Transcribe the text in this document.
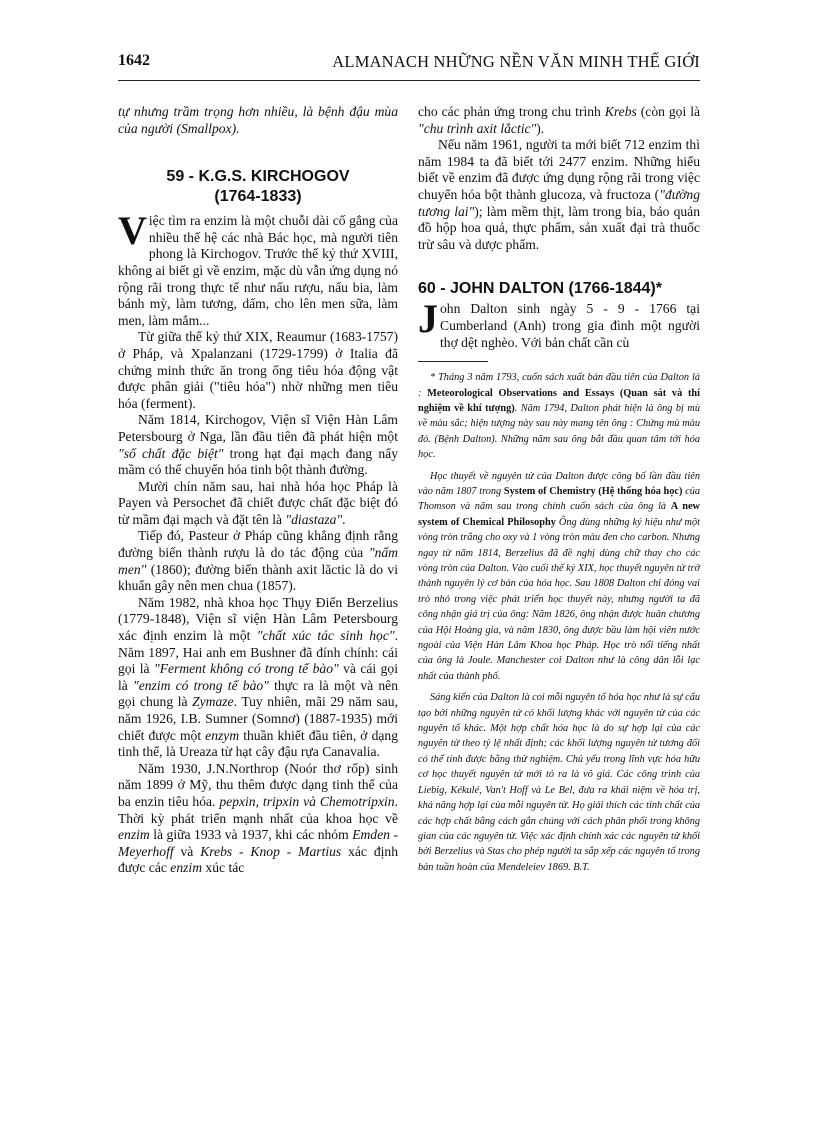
1642	ALMANACH NHỮNG NỀN VĂN MINH THẾ GIỚI

tự nhưng trầm trọng hơn nhiều, là bệnh đậu mùa của người (Smallpox).

59 - K.G.S. KIRCHOGOV
(1764-1833)

Việc tìm ra enzim là một chuỗi dài cố gắng của nhiều thế hệ các nhà Bác học, mà người tiên phong là Kirchogov. Trước thế kỷ thứ XVIII, không ai biết gì về enzim, mặc dù vẫn ứng dụng nó rộng rãi trong thực tế như nấu rượu, nấu bia, làm bánh mỳ, làm tương, dấm, cho lên men sữa, làm men, làm mắm...

Từ giữa thế kỷ thứ XIX, Reaumur (1683-1757) ở Pháp, và Xpalanzani (1729-1799) ở Italia đã chứng minh thức ăn trong ống tiêu hóa động vật được phân giải ("tiêu hóa") nhờ những men tiêu hóa (ferment).

Năm 1814, Kirchogov, Viện sĩ Viện Hàn Lâm Petersbourg ở Nga, lần đầu tiên đã phát hiện một "số chất đặc biệt" trong hạt đại mạch đang nẩy mầm có thể chuyển hóa tinh bột thành đường.

Mười chín năm sau, hai nhà hóa học Pháp là Payen và Persochet đã chiết được chất đặc biệt đó từ mầm đại mạch và đặt tên là "diastaza".

Tiếp đó, Pasteur ở Pháp cũng khẳng định rằng đường biến thành rượu là do tác động của "nấm men" (1860); đường biến thành axit lăctic là do vi khuẩn gây nên men chua (1857).

Năm 1982, nhà khoa học Thụy Điển Berzelius (1779-1848), Viện sĩ viện Hàn Lâm Petersbourg xác định enzim là một "chất xúc tác sinh học". Năm 1897, Hai anh em Bushner đã đính chính: cái gọi là "Ferment không có trong tế bào" và cái gọi là "enzim có trong tế bào" thực ra là một và nên gọi chung là Zymaze. Tuy nhiên, mãi 29 năm sau, năm 1926, I.B. Sumner (Somnơ) (1887-1935) mới chiết được một enzym thuần khiết đầu tiên, ở dạng tinh thể, là Ureaza từ hạt cây đậu rựa Canavalia.

Năm 1930, J.N.Northrop (Noór thơ rốp) sinh năm 1899 ở Mỹ, thu thêm được dạng tinh thể của ba enzin tiêu hóa. pepxin, tripxin và Chemotripxin. Thời kỳ phát triển mạnh nhất của khoa học về enzim là giữa 1933 và 1937, khi các nhóm Emden - Meyerhoff và Krebs - Knop - Martius xác định được các enzim xúc tác

cho các phản ứng trong chu trình Krebs (còn gọi là "chu trình axit lắctic").

Nếu năm 1961, người ta mới biết 712 enzim thì năm 1984 ta đã biết tới 2477 enzim. Những hiểu biết về enzim đã được ứng dụng rộng rãi trong việc chuyển hóa bột thành glucoza, và fructoza ("đường tương lai"); làm mềm thịt, làm trong bia, bảo quản đồ hộp hoa quả, thực phẩm, sản xuất đại trà thuốc trừ sâu và dược phẩm.

60 - JOHN DALTON (1766-1844)*

John Dalton sinh ngày 5 - 9 - 1766 tại Cumberland (Anh) trong gia đình một người thợ dệt nghèo. Với bản chất cần cù

* Tháng 3 năm 1793, cuốn sách xuất bản đầu tiên của Dalton là : Meteorological Observations and Essays (Quan sát và thí nghiệm về khí tượng). Năm 1794, Dalton phát hiện là ông bị mù về màu sắc; hiện tượng này sau này mang tên ông : Chứng mù màu đỏ. (Bệnh Dalton). Những năm sau ông bắt đầu quan tâm tới hóa học.

Học thuyết về nguyên tử của Dalton được công bố lần đầu tiên vào năm 1807 trong System of Chemistry (Hệ thống hóa học) của Thomson và năm sau trong chính cuốn sách của ông là A new system of Chemical Philosophy Ông dùng những ký hiệu như một vòng tròn trắng cho oxy và 1 vòng tròn màu đen cho carbon. Nhưng ngay từ năm 1814, Berzelius đã đề nghị dùng chữ thay cho các vòng tròn của Dalton. Vào cuối thế kỷ XIX, học thuyết nguyên tử trở thành nguyên lý cơ bản của hóa học. Sau 1808 Dalton chỉ đóng vai trò nhỏ trong việc phát triển học thuyết này, nhưng người ta đã công nhận giá trị của ông: Năm 1826, ông nhận được huân chương của Hội Hoàng gia, và năm 1830, ông được bầu làm hội viên nước ngoài của Viện Hàn Lâm Khoa học Pháp. Học trò nổi tiếng nhất của ông là Joule. Manchester coi Dalton như là công dân lỗi lạc nhất của thành phố.

Sáng kiến của Dalton là coi mỗi nguyên tố hóa học như là sự cấu tạo bởi những nguyên tử có khối lượng khác với nguyên tử của các nguyên tố khác. Một hợp chất hóa học là do sự hợp lại của các nguyên tử theo tỷ lệ nhất định; các khối lượng nguyên tử tương đối có thể tính được bằng thử nghiệm. Chủ yếu trong lĩnh vực hóa hữu cơ học thuyết nguyên tử mới tỏ ra là vô giá. Các công trình của Liebig, Kékulé, Van't Hoff và Le Bel, đưa ra khái niệm về hóa trị, khả năng hợp lại của mỗi nguyên tử. Họ giải thích các tính chất của các hợp chất bằng cách gắn chúng với cách phân phối trong không gian của các nguyên tử. Việc xác định chính xác các nguyên tử khối bởi Berzelius và Stas cho phép người ta sắp xếp các nguyên tố trong bản tuần hoàn của Mendeleiev 1869. B.T.
